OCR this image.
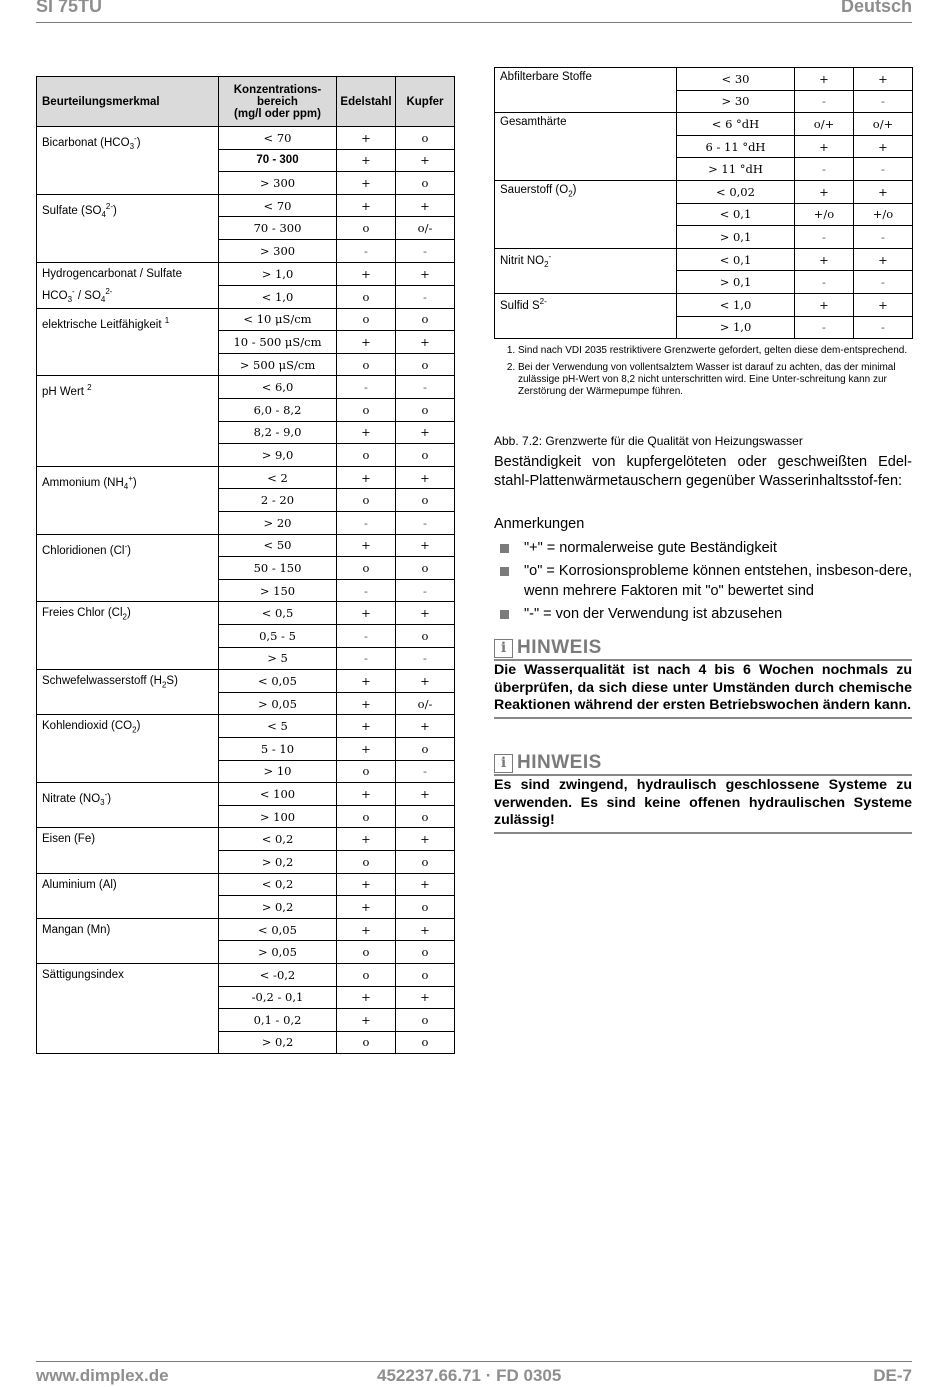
SI 75TU	Deutsch
Beurteilungsmerkmal	Konzentrations-
bereich
(mg/l oder ppm)	Edelstahl	Kupfer
Bicarbonat $(HCO_3^-)$	< 70	+	o
	70 - 300	+	+
	> 300	+	o
Sulfate $(SO_4^{2-})$	< 70	+	+
	70 - 300	o	o/-
	> 300	-	-

Hydrogencarbonat / Sulfate
$HCO_3^- / SO_4^{2-}$	> 1,0	+	+
	< 1,0	o	-
elektrische Leitfähigkeit $^1$	< 10 μS/cm	o	o
	10 - 500 μS/cm	+	+
	> 500 μS/cm	o	o
pH Wert $^2$	< 6,0	-	-
	6,0 - 8,2	o	o
	8,2 - 9,0	+	+
	> 9,0	o	o
Ammonium $(NH_4^+)$	< 2	+	+
	2 - 20	o	o
	> 20	-	-
Chloridionen (Cl-)	< 50	+	+
	50 - 150	o	o
	> 150	-	-
Freies Chlor $(Cl_2)$	< 0,5	+	+
	0,5 - 5	-	o
	> 5	-	-
Schwefelwasserstoff $(H_2S)$	< 0,05	+	+
	> 0,05	+	o/-
Kohlendioxid $(CO_2)$	< 5	+	+
	5 - 10	+	o
	> 10	o	-
Nitrate $(NO_3^-)$	< 100	+	+
	> 100	o	o
Eisen (Fe)	< 0,2	+	+
	> 0,2	o	o
Aluminium (Al)	< 0,2	+	+
	> 0,2	+	o
Mangan (Mn)	< 0,05	+	+
	> 0,05	o	o
Sättigungsindex	< -0,2	o	o
	-0,2 - 0,1	+	+
	0,1 - 0,2	+	o
	> 0,2	o	o
Abfilterbare Stoffe	< 30	+	+
	> 30	-	-
Gesamthärte	< 6 °dH	o/+	o/+
	6 - 11 °dH	+	+
	> 11 °dH	-	-
Sauerstoff $(O_2)$	< 0,02	+	+
	< 0,1	+/o	+/o
	> 0,1	-	-
Nitrit $NO_2^-$	< 0,1	+	+
	> 0,1	-	-
Sulfid $S^{2-}$	< 1,0	+	+
	> 1,0	-	-
1. Sind nach VDI 2035 restriktivere Grenzwerte gefordert, gelten diese dem-entsprechend.
2. Bei der Verwendung von vollentsalztem Wasser ist darauf zu achten, das der minimal zulässige pH-Wert von 8,2 nicht unterschritten wird. Eine Unter-schreitung kann zur Zerstörung der Wärmepumpe führen.
Abb. 7.2: Grenzwerte für die Qualität von Heizungswasser
Beständigkeit von kupfergelöteten oder geschweißten Edel-stahl-Plattenwärmetauschern gegenüber Wasserinhaltsstof-fen:
Anmerkungen
"+" = normalerweise gute Beständigkeit
"o" = Korrosionsprobleme können entstehen, insbeson-dere, wenn mehrere Faktoren mit "o" bewertet sind
"-" = von der Verwendung ist abzusehen
i HINWEIS
Die Wasserqualität ist nach 4 bis 6 Wochen nochmals zu überprüfen, da sich diese unter Umständen durch chemische Reaktionen während der ersten Betriebswochen ändern kann.
i HINWEIS
Es sind zwingend, hydraulisch geschlossene Systeme zu verwenden. Es sind keine offenen hydraulischen Systeme zulässig!
www.dimplex.de	452237.66.71 · FD 0305	DE-7
